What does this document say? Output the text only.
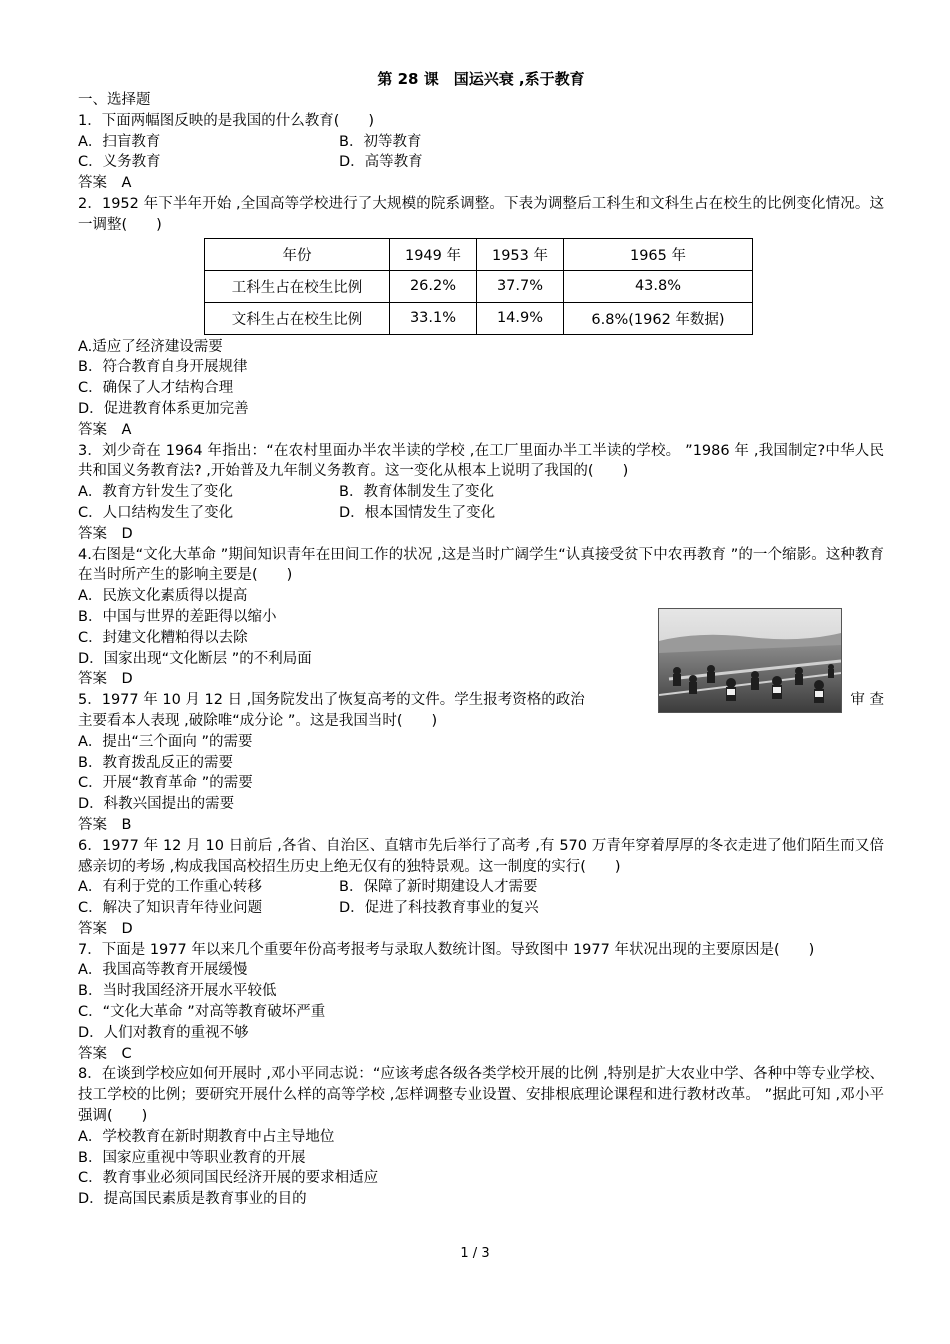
第 28 课　国运兴衰 ,系于教育
一、选择题
1．下面两幅图反映的是我国的什么教育(　　)
A．扫盲教育	B．初等教育
C．义务教育	D．高等教育
答案　A
2．1952 年下半年开始 ,全国高等学校进行了大规模的院系调整。下表为调整后工科生和文科生占在校生的比例变化情况。这一调整(　　)
年份	1949 年	1953 年	1965 年
工科生占在校生比例	26.2%	37.7%	43.8%
文科生占在校生比例	33.1%	14.9%	6.8%(1962 年数据)
A.适应了经济建设需要
B．符合教育自身开展规律
C．确保了人才结构合理
D．促进教育体系更加完善
答案　A
3．刘少奇在 1964 年指出：“在农村里面办半农半读的学校 ,在工厂里面办半工半读的学校。 ”1986 年 ,我国制定?中华人民共和国义务教育法? ,开始普及九年制义务教育。这一变化从根本上说明了我国的(　　)
A．教育方针发生了变化	B．教育体制发生了变化
C．人口结构发生了变化	D．根本国情发生了变化
答案　D
4.右图是“文化大革命 ”期间知识青年在田间工作的状况 ,这是当时广阔学生“认真接受贫下中农再教育 ”的一个缩影。这种教育在当时所产生的影响主要是(　　)
A．民族文化素质得以提高
B．中国与世界的差距得以缩小
C．封建文化糟粕得以去除
D．国家出现“文化断层 ”的不利局面
答案　D
5．1977 年 10 月 12 日 ,国务院发出了恢复高考的文件。学生报考资格的政治	审 查
主要看本人表现 ,破除唯“成分论 ”。这是我国当时(　　)
A．提出“三个面向 ”的需要
B．教育拨乱反正的需要
C．开展“教育革命 ”的需要
D．科教兴国提出的需要
答案　B
6．1977 年 12 月 10 日前后 ,各省、自治区、直辖市先后举行了高考 ,有 570 万青年穿着厚厚的冬衣走进了他们陌生而又倍感亲切的考场 ,构成我国高校招生历史上绝无仅有的独特景观。这一制度的实行(　　)
A．有利于党的工作重心转移	B．保障了新时期建设人才需要
C．解决了知识青年待业问题	D．促进了科技教育事业的复兴
答案　D
7．下面是 1977 年以来几个重要年份高考报考与录取人数统计图。导致图中 1977 年状况出现的主要原因是(　　)
A．我国高等教育开展缓慢
B．当时我国经济开展水平较低
C．“文化大革命 ”对高等教育破坏严重
D．人们对教育的重视不够
答案　C
8．在谈到学校应如何开展时 ,邓小平同志说：“应该考虑各级各类学校开展的比例 ,特别是扩大农业中学、各种中等专业学校、技工学校的比例；要研究开展什么样的高等学校 ,怎样调整专业设置、安排根底理论课程和进行教材改革。 ”据此可知 ,邓小平强调(　　)
A．学校教育在新时期教育中占主导地位
B．国家应重视中等职业教育的开展
C．教育事业必须同国民经济开展的要求相适应
D．提高国民素质是教育事业的目的
1 / 3
